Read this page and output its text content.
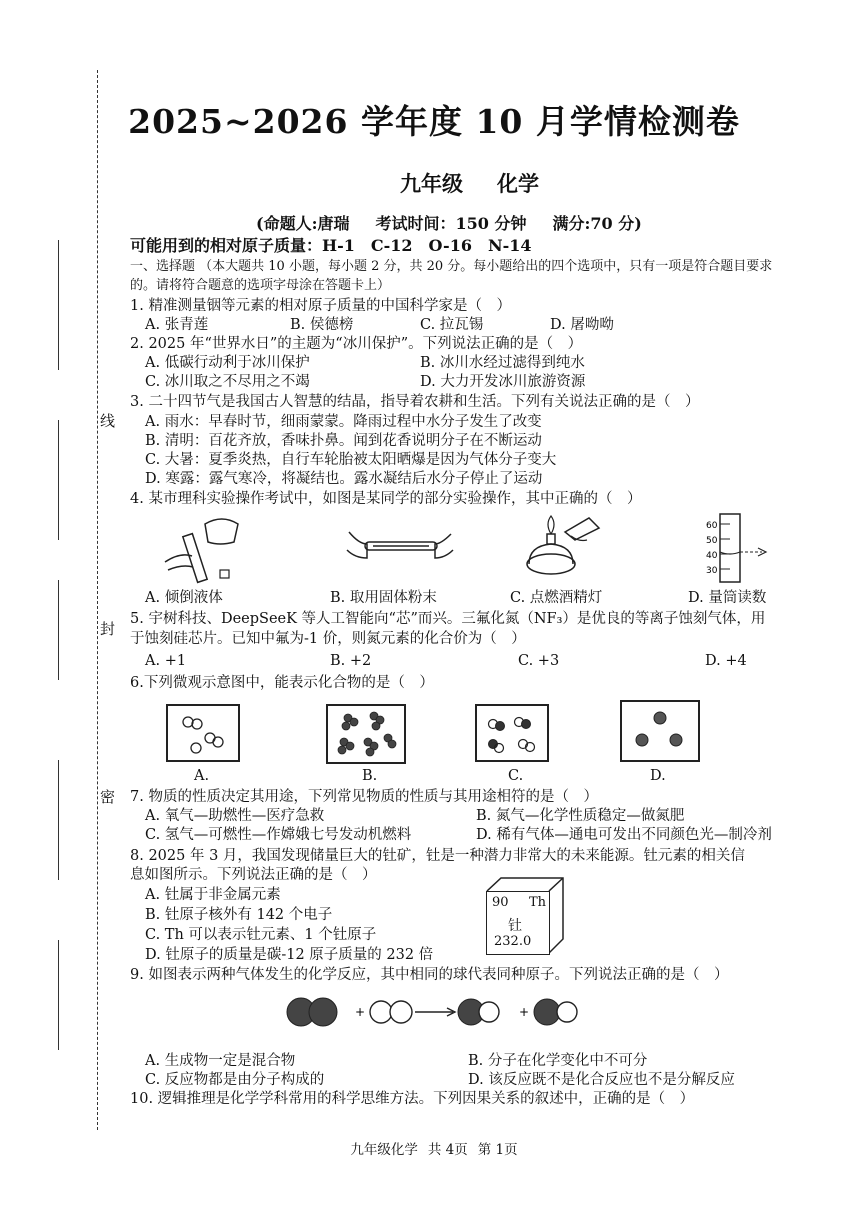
线
封
密
2025~2026 学年度 10 月学情检测卷
九年级 化学
(命题人:唐瑞 考试时间：150 分钟 满分:70 分)
可能用到的相对原子质量：H-1　C-12　O-16　N-14
一、选择题 （本大题共 10 小题，每小题 2 分，共 20 分。每小题给出的四个选项中，只有一项是符合题目要求
的。请将符合题意的选项字母涂在答题卡上）
1. 精准测量铟等元素的相对原子质量的中国科学家是（　）
A. 张青莲	B. 侯德榜	C. 拉瓦锡	D. 屠呦呦
2. 2025 年“世界水日”的主题为“冰川保护”。下列说法正确的是（　）
A. 低碳行动利于冰川保护	B. 冰川水经过滤得到纯水
C. 冰川取之不尽用之不竭	D. 大力开发冰川旅游资源
3. 二十四节气是我国古人智慧的结晶，指导着农耕和生活。下列有关说法正确的是（　）
A. 雨水：早春时节，细雨蒙蒙。降雨过程中水分子发生了改变
B. 清明：百花齐放，香味扑鼻。闻到花香说明分子在不断运动
C. 大暑：夏季炎热，自行车轮胎被太阳晒爆是因为气体分子变大
D. 寒露：露气寒冷，将凝结也。露水凝结后水分子停止了运动
4. 某市理科实验操作考试中，如图是某同学的部分实验操作，其中正确的（　）
60
50
40
30
A. 倾倒液体	B. 取用固体粉末	C. 点燃酒精灯	D. 量筒读数
5. 宇树科技、DeepSeeK 等人工智能向“芯”而兴。三氟化氮（NF₃）是优良的等离子蚀刻气体，用
于蚀刻硅芯片。已知中氟为-1 价，则氮元素的化合价为（　）
A. +1	B. +2	C. +3	D. +4
6.下列微观示意图中，能表示化合物的是（　）
A.	B.	C.	D.
7. 物质的性质决定其用途，下列常见物质的性质与其用途相符的是（　）
A. 氧气—助燃性—医疗急救	B. 氮气—化学性质稳定—做氮肥
C. 氢气—可燃性—作嫦娥七号发动机燃料	D. 稀有气体—通电可发出不同颜色光—制冷剂
8. 2025 年 3 月，我国发现储量巨大的钍矿，钍是一种潜力非常大的未来能源。钍元素的相关信
息如图所示。下列说法正确的是（　）
A. 钍属于非金属元素
B. 钍原子核外有 142 个电子
C. Th 可以表示钍元素、1 个钍原子
D. 钍原子的质量是碳-12 原子质量的 232 倍
90 Th
钍
232.0
9. 如图表示两种气体发生的化学反应，其中相同的球代表同种原子。下列说法正确的是（　）
+	+
A. 生成物一定是混合物	B. 分子在化学变化中不可分
C. 反应物都是由分子构成的	D. 该反应既不是化合反应也不是分解反应
10. 逻辑推理是化学学科常用的科学思维方法。下列因果关系的叙述中，正确的是（　）
九年级化学 共 4页 第 1页
